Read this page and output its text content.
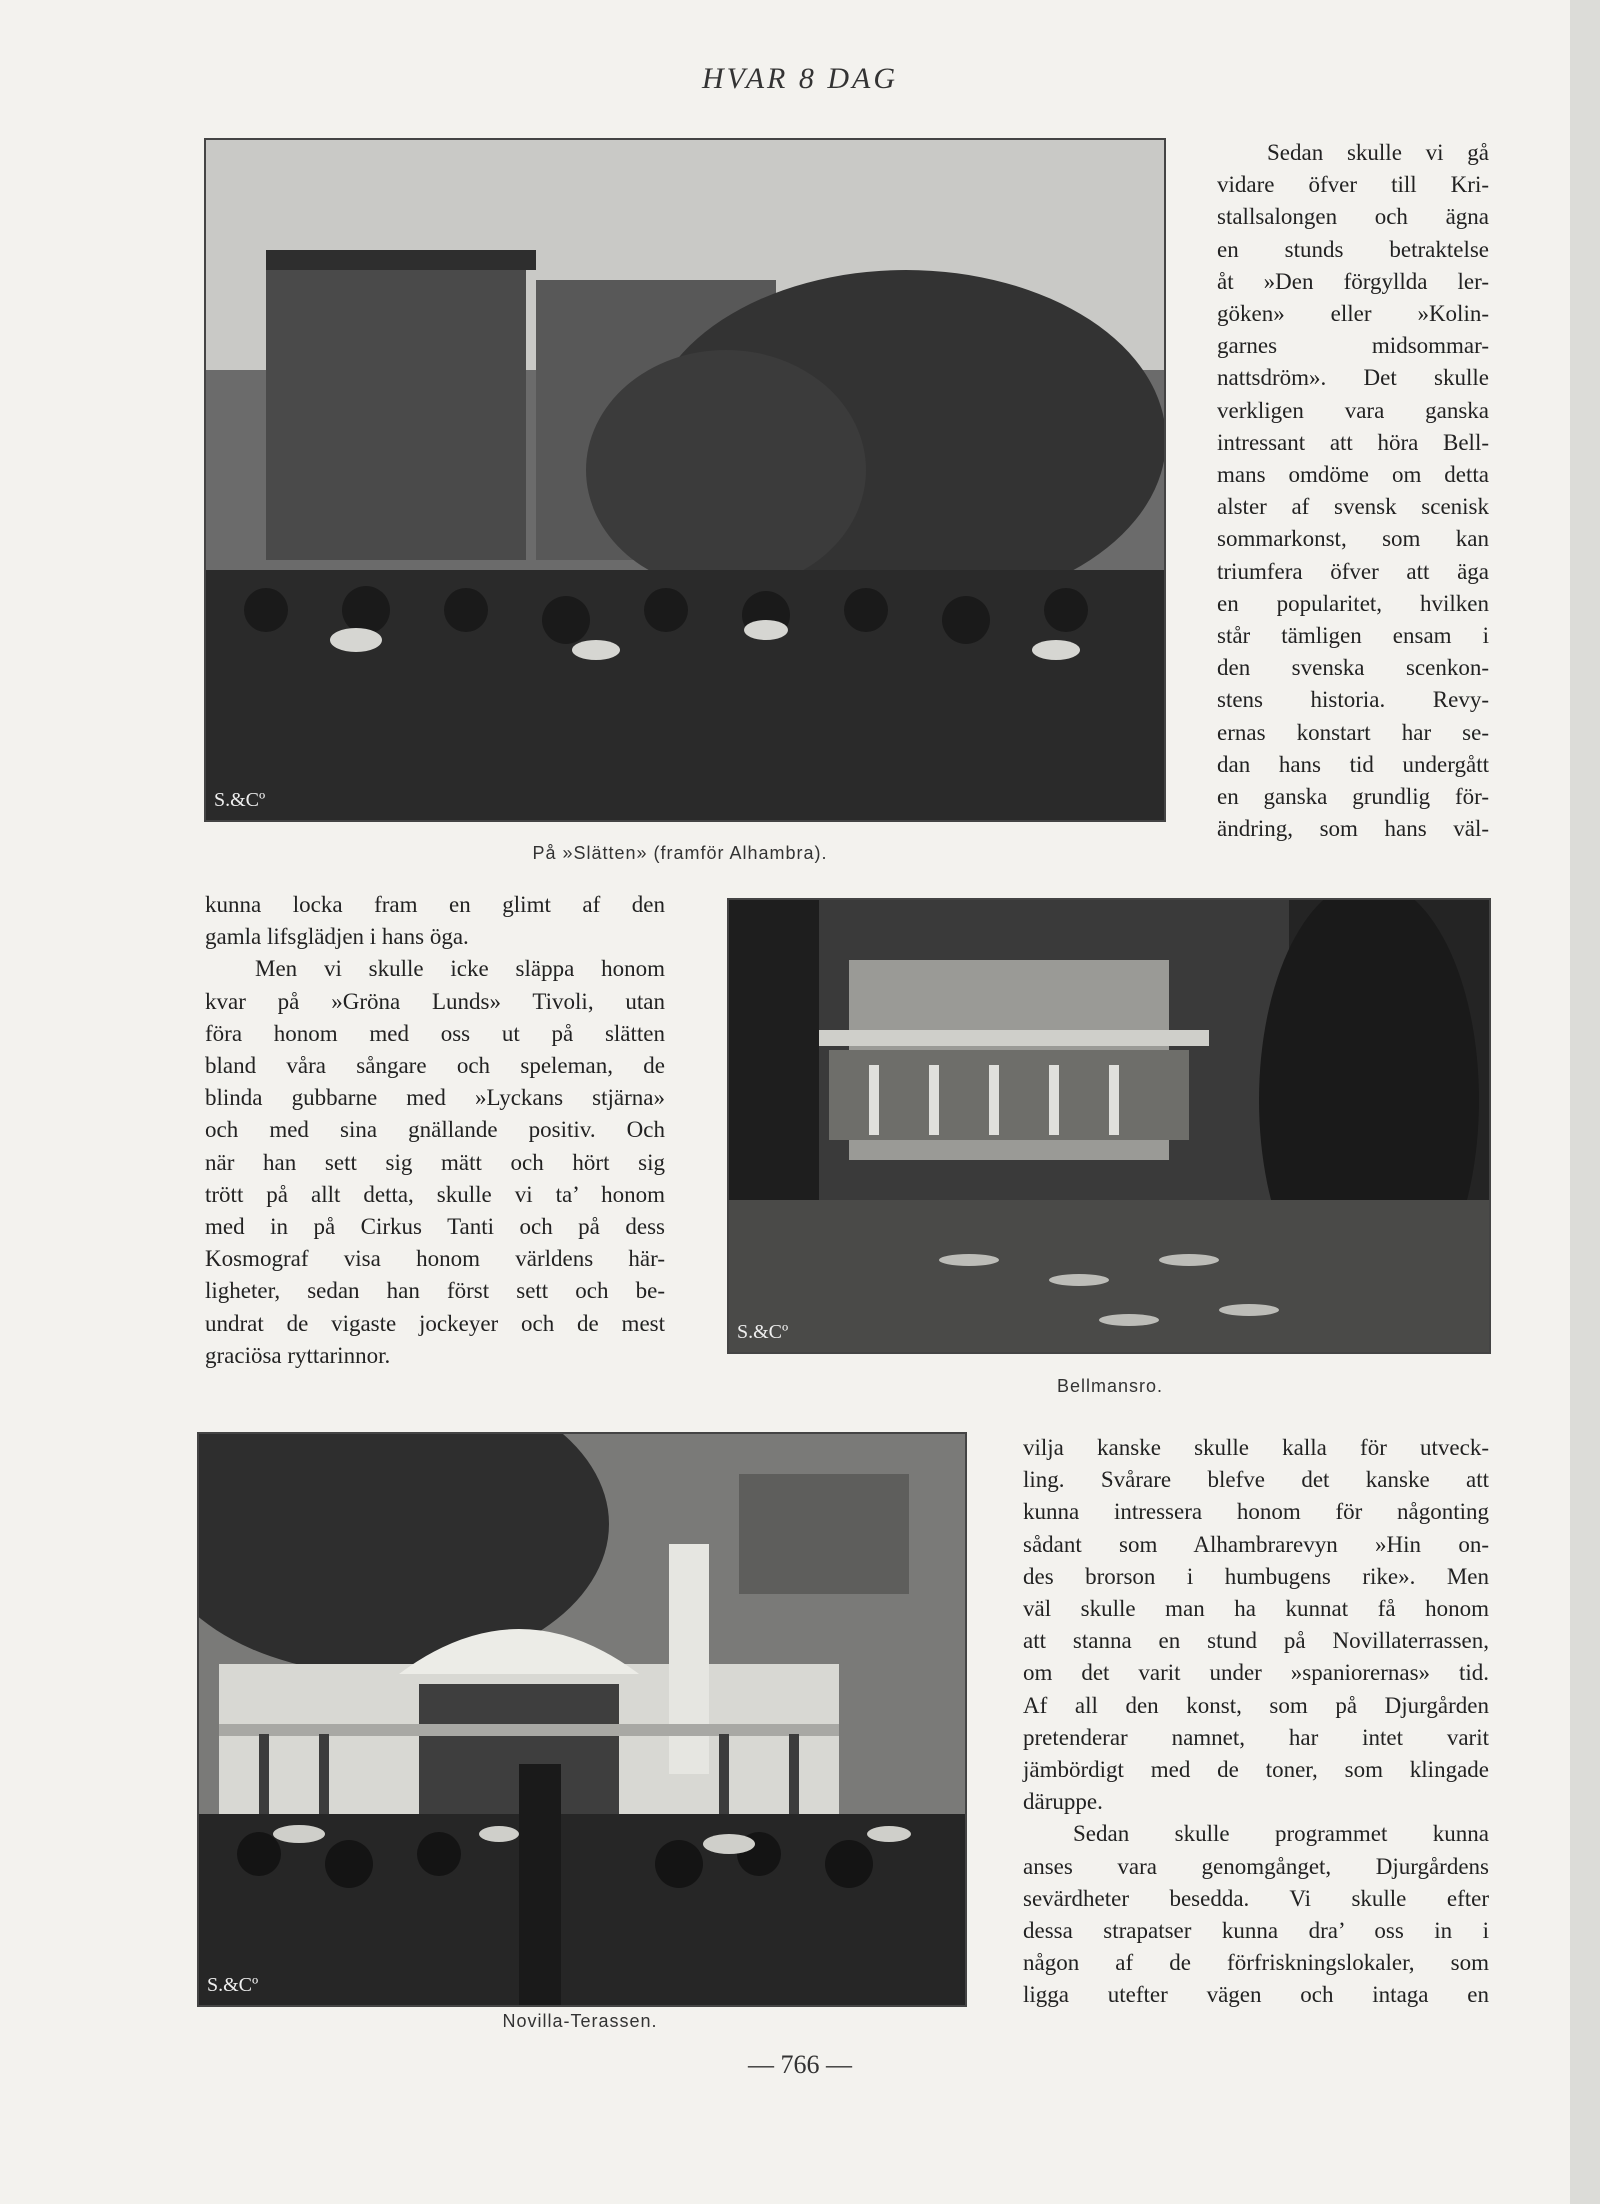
HVAR 8 DAG
S.&Cº
På »Slätten» (framför Alhambra).

Sedan skulle vi gå

vidare öfver till Kri-

stallsalongen och ägna

en stunds betraktelse

åt »Den förgyllda ler-

göken» eller »Kolin-

garnes midsommar-

nattsdröm». Det skulle

verkligen vara ganska

intressant att höra Bell-

mans omdöme om detta

alster af svensk scenisk

sommarkonst, som kan

triumfera öfver att äga

en popularitet, hvilken

står tämligen ensam i

den svenska scenkon-

stens historia. Revy-

ernas konstart har se-

dan hans tid undergått

en ganska grundlig för-

ändring, som hans väl-

kunna locka fram en glimt af den

gamla lifsglädjen i hans öga.

Men vi skulle icke släppa honom

kvar på »Gröna Lunds» Tivoli, utan

föra honom med oss ut på slätten

bland våra sångare och speleman, de

blinda gubbarne med »Lyckans stjärna»

och med sina gnällande positiv. Och

när han sett sig mätt och hört sig

trött på allt detta, skulle vi ta’ honom

med in på Cirkus Tanti och på dess

Kosmograf visa honom världens här-

ligheter, sedan han först sett och be-

undrat de vigaste jockeyer och de mest

graciösa ryttarinnor.

S.&Cº
Bellmansro.
S.&Cº
Novilla-Terassen.

vilja kanske skulle kalla för utveck-

ling. Svårare blefve det kanske att

kunna intressera honom för någonting

sådant som Alhambrarevyn »Hin on-

des brorson i humbugens rike». Men

väl skulle man ha kunnat få honom

att stanna en stund på Novillaterrassen,

om det varit under »spaniorernas» tid.

Af all den konst, som på Djurgården

pretenderar namnet, har intet varit

jämbördigt med de toner, som klingade

däruppe.

Sedan skulle programmet kunna

anses vara genomgånget, Djurgårdens

sevärdheter besedda. Vi skulle efter

dessa strapatser kunna dra’ oss in i

någon af de förfriskningslokaler, som

ligga utefter vägen och intaga en

— 766 —
